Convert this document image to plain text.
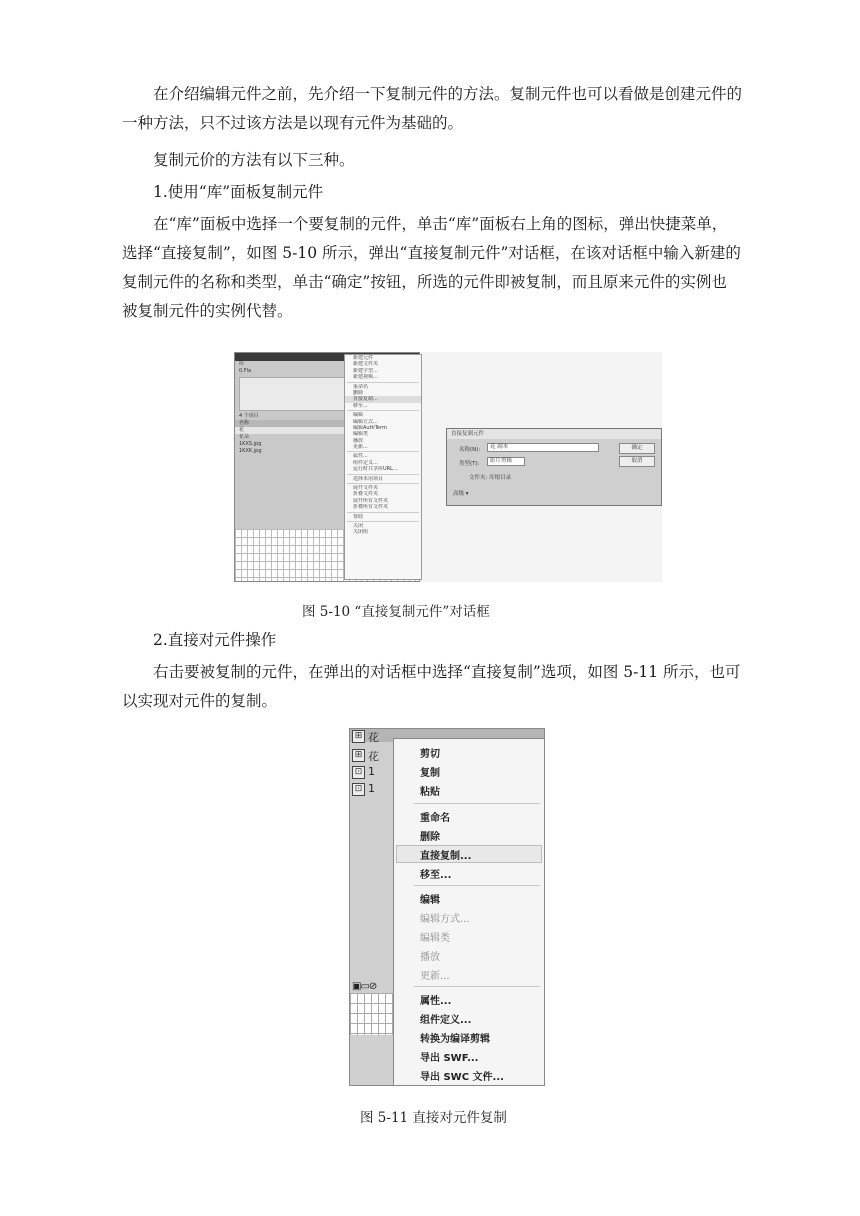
在介绍编辑元件之前，先介绍一下复制元件的方法。复制元件也可以看做是创建元件的一种方法，只不过该方法是以现有元件为基础的。

复制元价的方法有以下三种。

1.使用“库”面板复制元件

在“库”面板中选择一个要复制的元件，单击“库”面板右上角的图标，弹出快捷菜单，选择“直接复制”，如图 5-10 所示，弹出“直接复制元件”对话框，在该对话框中输入新建的复制元件的名称和类型，单击“确定”按钮，所选的元件即被复制，而且原来元件的实例也被复制元件的实例代替。

库
0.Fla
4 个项目
名称
花
花朵
1KXS.jpg
1KXK.jpg
新建元件
新建文件夹
新建字型...
新建视频...
重命名
删除
直接复制...
移至...
编辑
编辑方式...
编辑AuthTerm
编辑类
播放
更新...
属性...
组件定义...
运行时共享库URL...
选择未用项目
展开文件夹
折叠文件夹
展开所有文件夹
折叠所有文件夹
帮助
关闭
关闭组
直接复制元件
名称(N):	花 副本
类型(T):	影片剪辑
文件夹: 库根目录
高级 ▾
确定
取消
图 5-10 “直接复制元件”对话框

2.直接对元件操作

右击要被复制的元件，在弹出的对话框中选择“直接复制”选项，如图 5-11 所示，也可以实现对元件的复制。

⊞ 花
⊞ 花
⊡ 1
⊡ 1
▣▭⊘
剪切
复制
粘贴
重命名
删除
直接复制...
移至...
编辑
编辑方式...
编辑类
播放
更新...
属性...
组件定义...
转换为编译剪辑
导出 SWF...
导出 SWC 文件...
图 5-11 直接对元件复制
